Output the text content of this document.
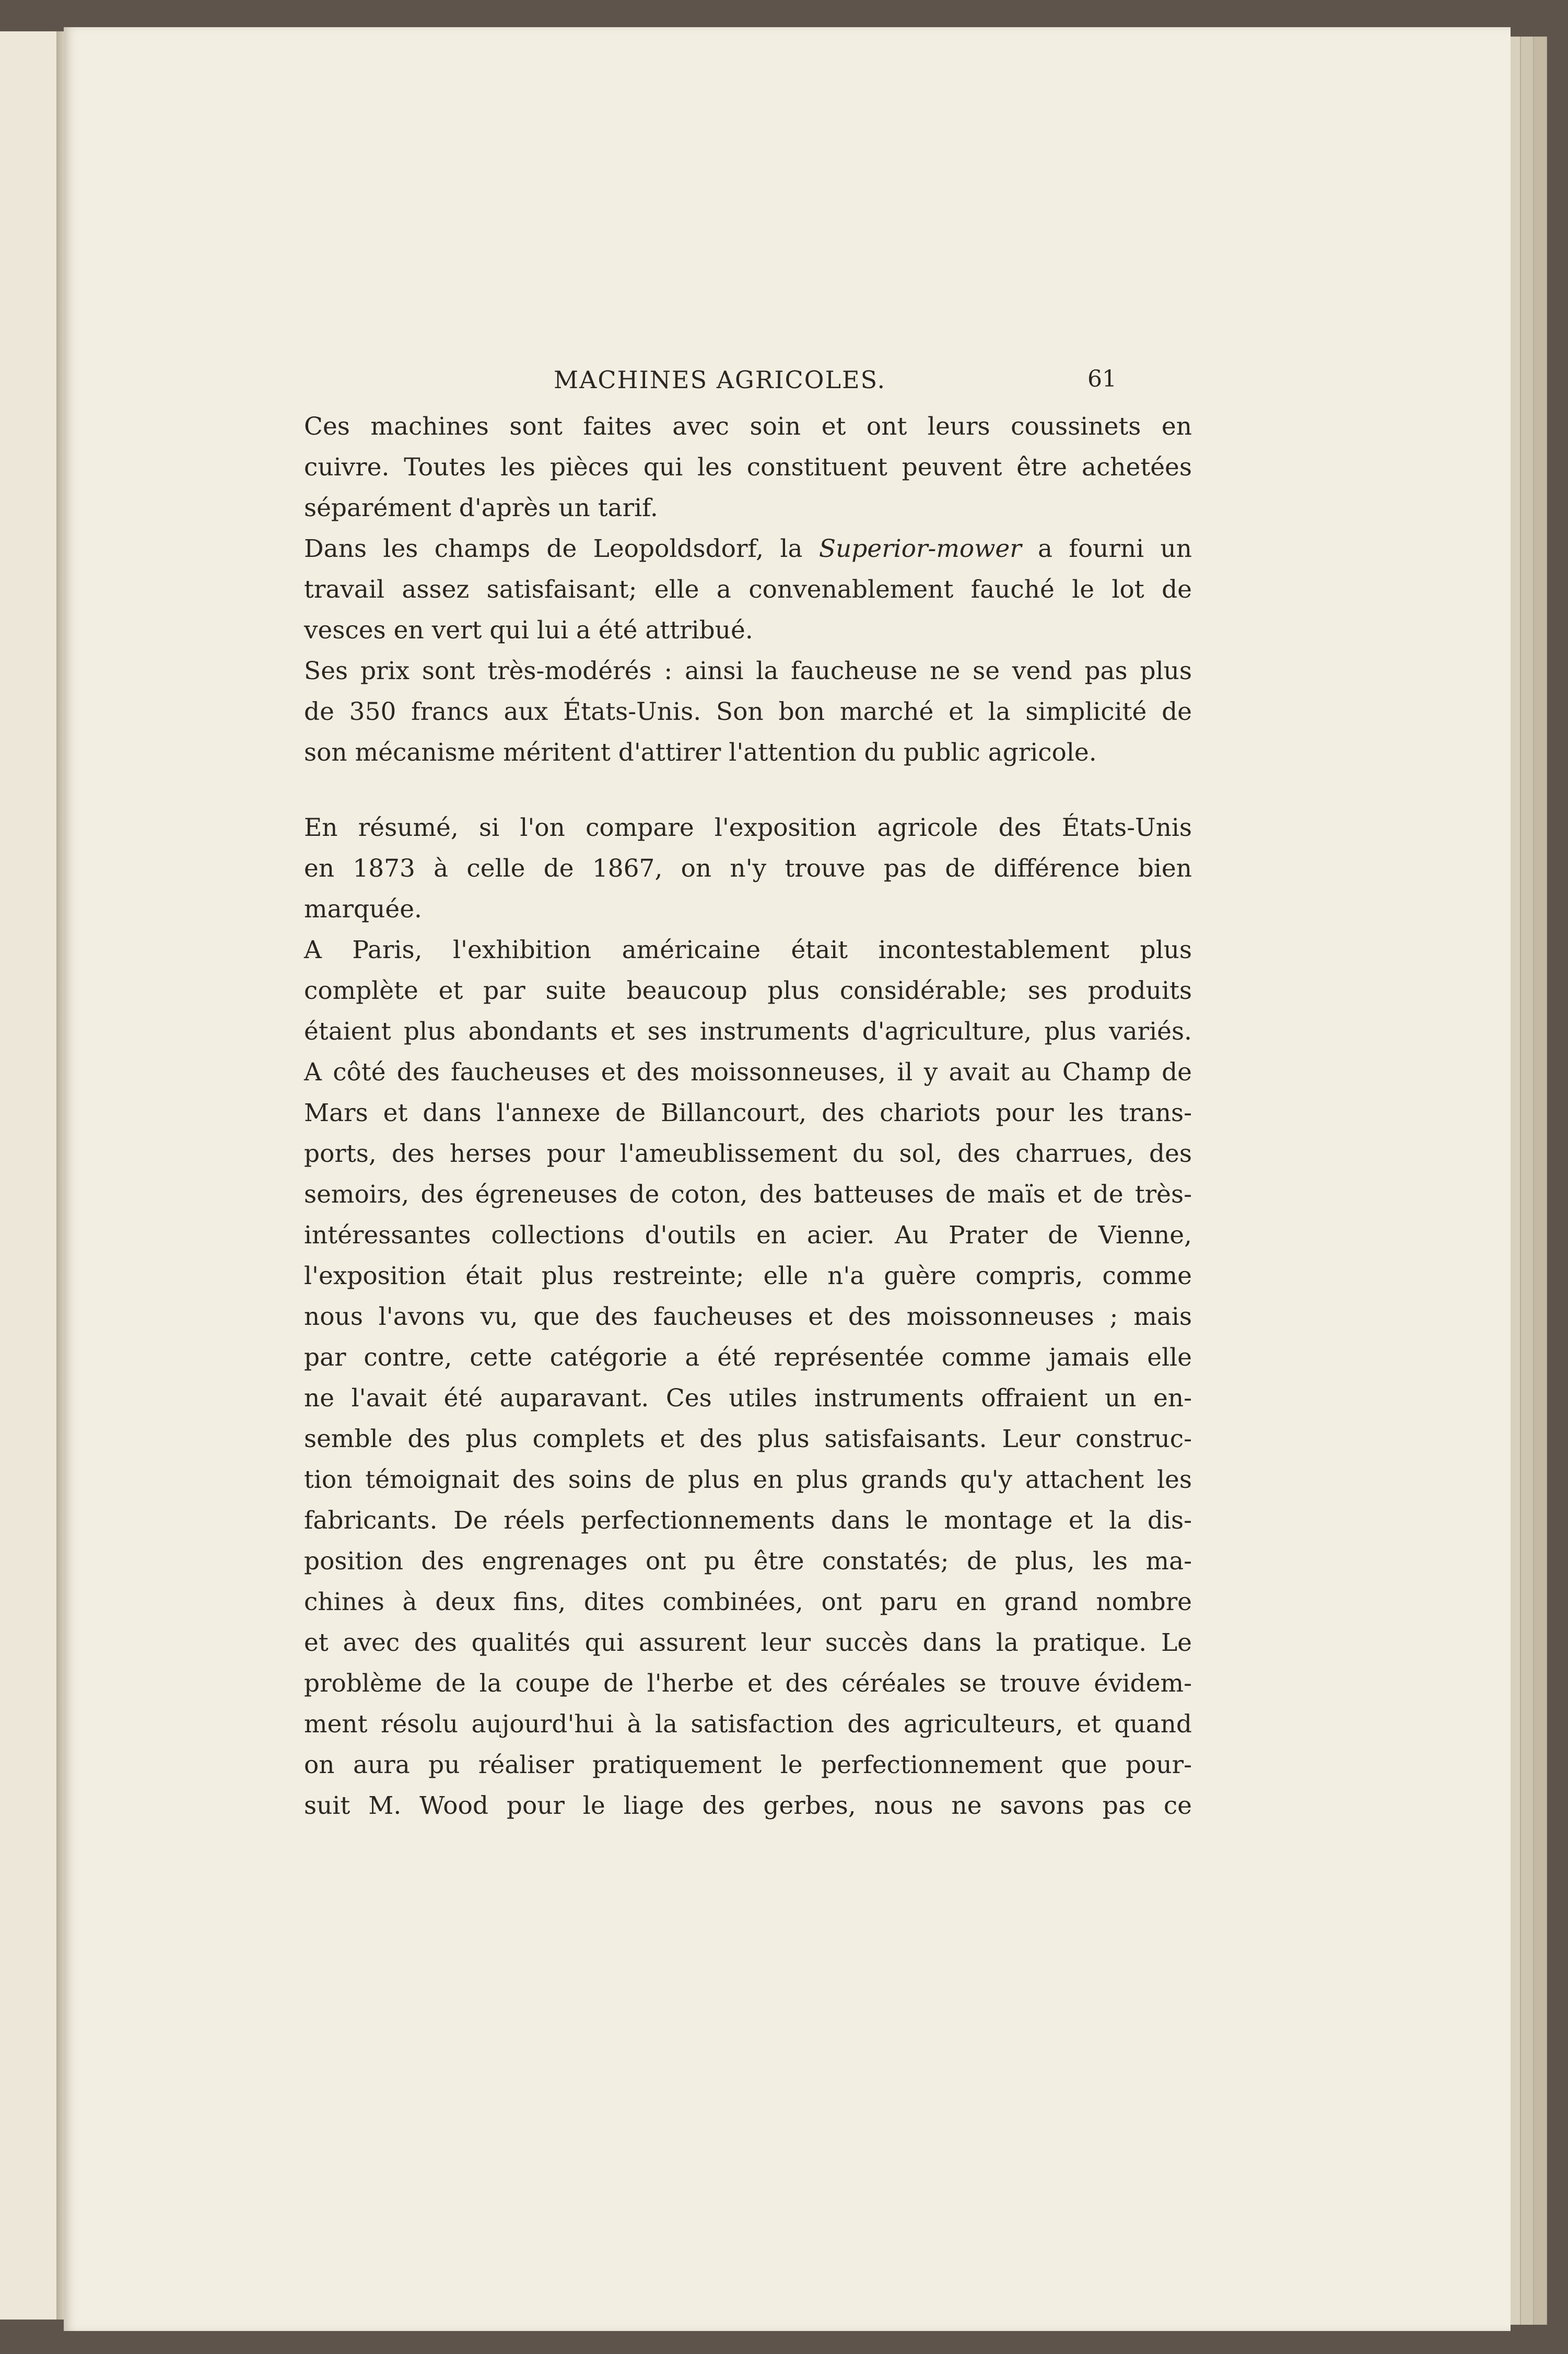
MACHINES AGRICOLES.	61

Ces machines sont faites avec soin et ont leurs coussinets en
cuivre. Toutes les pièces qui les constituent peuvent être achetées
séparément d'après un tarif.
Dans les champs de Leopoldsdorf, la Superior-mower a fourni un
travail assez satisfaisant; elle a convenablement fauché le lot de
vesces en vert qui lui a été attribué.
Ses prix sont très-modérés : ainsi la faucheuse ne se vend pas plus
de 350 francs aux États-Unis. Son bon marché et la simplicité de
son mécanisme méritent d'attirer l'attention du public agricole.
En résumé, si l'on compare l'exposition agricole des États-Unis
en 1873 à celle de 1867, on n'y trouve pas de différence bien
marquée.
A Paris, l'exhibition américaine était incontestablement plus
complète et par suite beaucoup plus considérable; ses produits
étaient plus abondants et ses instruments d'agriculture, plus variés.
A côté des faucheuses et des moissonneuses, il y avait au Champ de
Mars et dans l'annexe de Billancourt, des chariots pour les trans-
ports, des herses pour l'ameublissement du sol, des charrues, des
semoirs, des égreneuses de coton, des batteuses de maïs et de très-
intéressantes collections d'outils en acier. Au Prater de Vienne,
l'exposition était plus restreinte; elle n'a guère compris, comme
nous l'avons vu, que des faucheuses et des moissonneuses ; mais
par contre, cette catégorie a été représentée comme jamais elle
ne l'avait été auparavant. Ces utiles instruments offraient un en-
semble des plus complets et des plus satisfaisants. Leur construc-
tion témoignait des soins de plus en plus grands qu'y attachent les
fabricants. De réels perfectionnements dans le montage et la dis-
position des engrenages ont pu être constatés; de plus, les ma-
chines à deux fins, dites combinées, ont paru en grand nombre
et avec des qualités qui assurent leur succès dans la pratique. Le
problème de la coupe de l'herbe et des céréales se trouve évidem-
ment résolu aujourd'hui à la satisfaction des agriculteurs, et quand
on aura pu réaliser pratiquement le perfectionnement que pour-
suit M. Wood pour le liage des gerbes, nous ne savons pas ce
